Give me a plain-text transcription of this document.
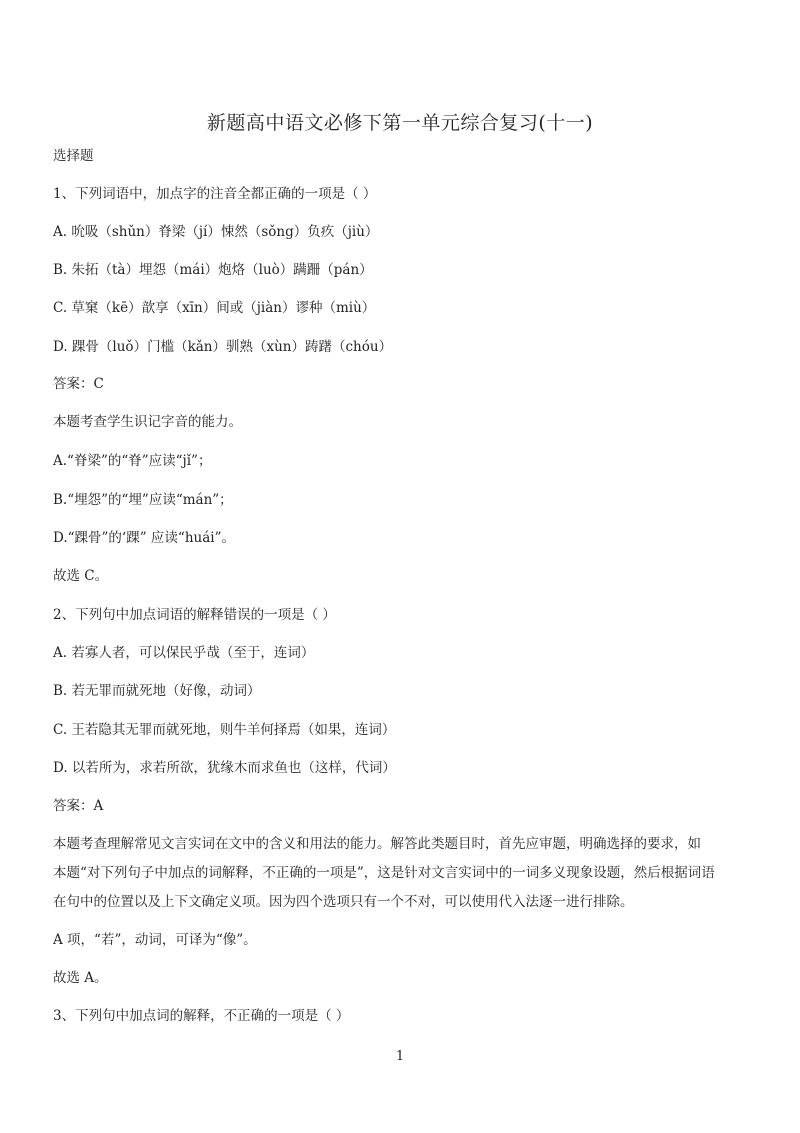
新题高中语文必修下第一单元综合复习(十一)
选择题
1、下列词语中，加点字的注音全都正确的一项是（ ）
A. 吮吸（shǔn）脊梁（jí）悚然（sǒng）负疚（jiù）
B. 朱拓（tà）埋怨（mái）炮烙（luò）蹒跚（pán）
C. 草窠（kē）歆享（xīn）间或（jiàn）谬种（miù）
D. 踝骨（luǒ）门槛（kǎn）驯熟（xùn）踌躇（chóu）
答案：C
本题考查学生识记字音的能力。
A.“脊梁”的“脊”应读“jǐ”；
B.“埋怨”的“埋”应读“mán”；
D.“踝骨”的‘踝” 应读“huái”。
故选 C。
2、下列句中加点词语的解释错误的一项是（ ）
A. 若寡人者，可以保民乎哉（至于，连词）
B. 若无罪而就死地（好像，动词）
C. 王若隐其无罪而就死地，则牛羊何择焉（如果，连词）
D. 以若所为，求若所欲，犹缘木而求鱼也（这样，代词）
答案：A
本题考查理解常见文言实词在文中的含义和用法的能力。解答此类题目时，首先应审题，明确选择的要求，如
本题“对下列句子中加点的词解释，不正确的一项是”，这是针对文言实词中的一词多义现象设题，然后根据词语
在句中的位置以及上下文确定义项。因为四个选项只有一个不对，可以使用代入法逐一进行排除。
A 项，“若”，动词，可译为“像”。
故选 A。
3、下列句中加点词的解释，不正确的一项是（ ）
1
